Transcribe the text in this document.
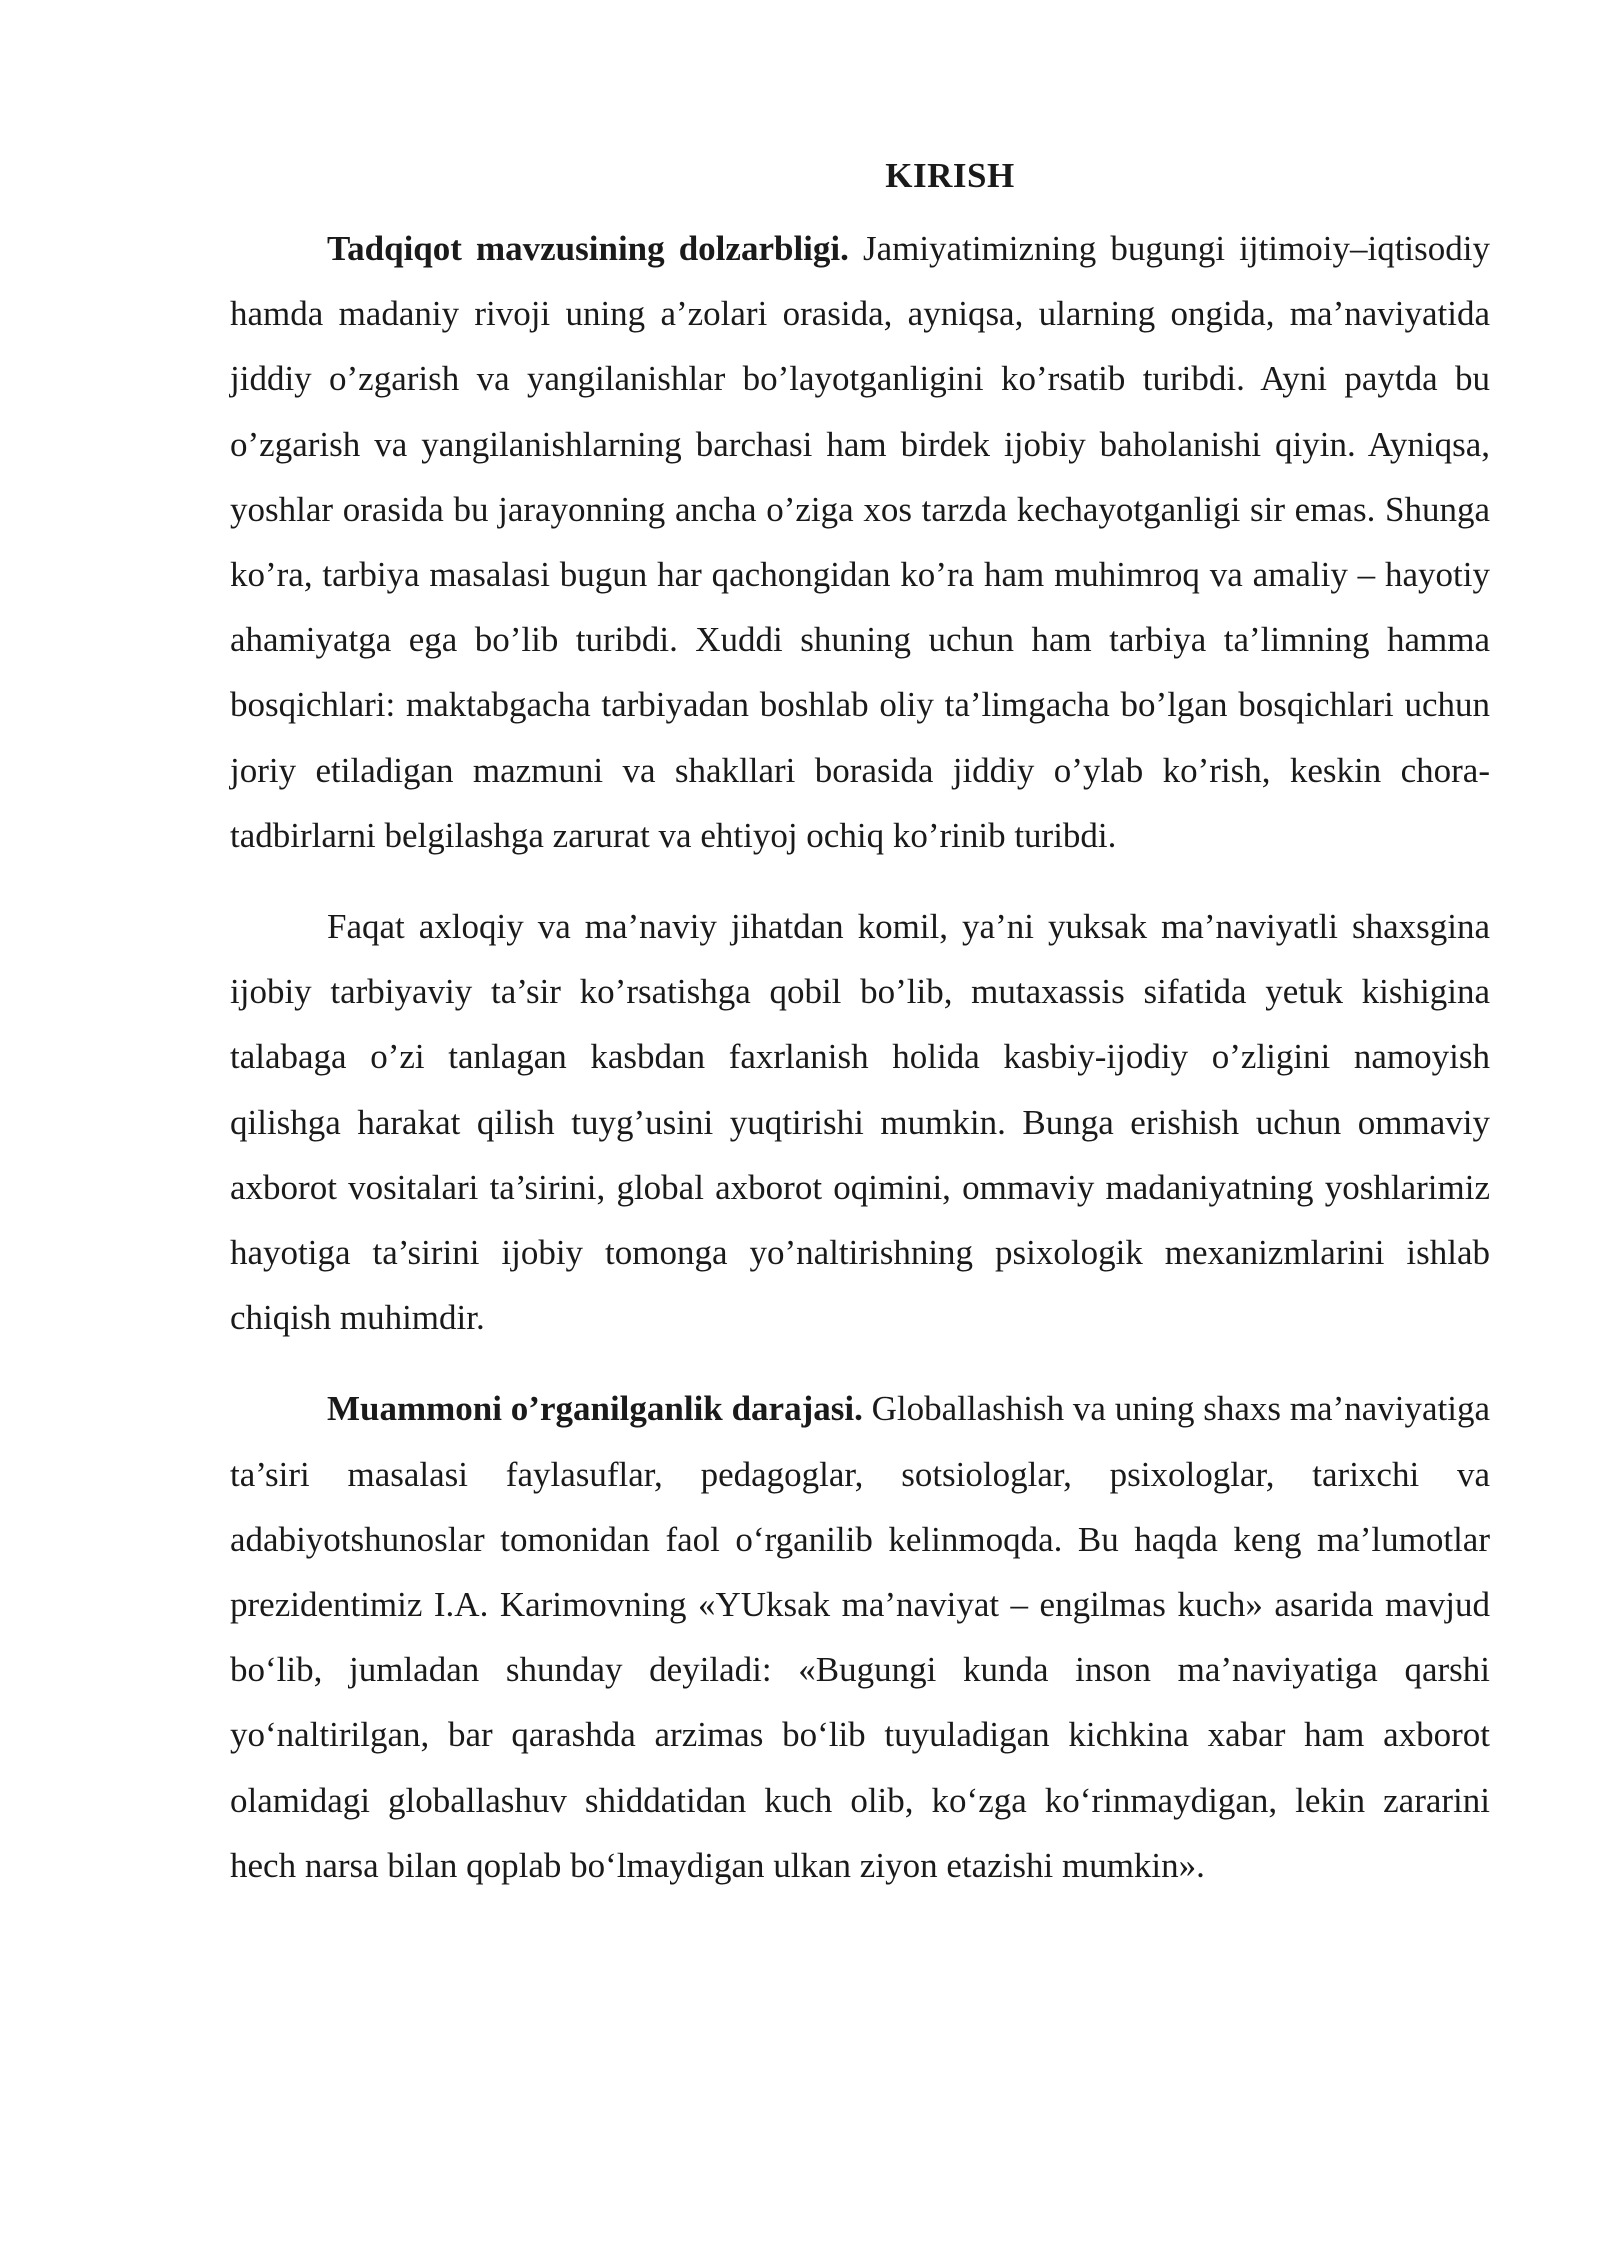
KIRISH

Tadqiqot mavzusining dolzarbligi. Jamiyatimizning bugungi ijtimoiy–iqtisodiy hamda madaniy rivoji uning a’zolari orasida, ayniqsa, ularning ongida, ma’naviyatida jiddiy o’zgarish va yangilanishlar bo’layotganligini ko’rsatib turibdi. Ayni paytda bu o’zgarish va yangilanishlarning barchasi ham birdek ijobiy baholanishi qiyin. Ayniqsa, yoshlar orasida bu jarayonning ancha o’ziga xos tarzda kechayotganligi sir emas. Shunga ko’ra, tarbiya masalasi bugun har qachongidan ko’ra ham muhimroq va amaliy – hayotiy ahamiyatga ega bo’lib turibdi. Xuddi shuning uchun ham tarbiya ta’limning hamma bosqichlari: maktabgacha tarbiyadan boshlab oliy ta’limgacha bo’lgan bosqichlari uchun joriy etiladigan mazmuni va shakllari borasida jiddiy o’ylab ko’rish, keskin chora-tadbirlarni belgilashga zarurat va ehtiyoj ochiq ko’rinib turibdi.

Faqat axloqiy va ma’naviy jihatdan komil, ya’ni yuksak ma’naviyatli shaxsgina ijobiy tarbiyaviy ta’sir ko’rsatishga qobil bo’lib, mutaxassis sifatida yetuk kishigina talabaga o’zi tanlagan kasbdan faxrlanish holida kasbiy-ijodiy o’zligini namoyish qilishga harakat qilish tuyg’usini yuqtirishi mumkin. Bunga erishish uchun ommaviy axborot vositalari ta’sirini, global axborot oqimini, ommaviy madaniyatning yoshlarimiz hayotiga ta’sirini ijobiy tomonga yo’naltirishning psixologik mexanizmlarini ishlab chiqish muhimdir.

Muammoni o’rganilganlik darajasi. Globallashish va uning shaxs ma’naviyatiga ta’siri masalasi faylasuflar, pedagoglar, sotsiologlar, psixologlar, tarixchi va adabiyotshunoslar tomonidan faol o‘rganilib kelinmoqda. Bu haqda keng ma’lumotlar prezidentimiz I.A. Karimovning «YUksak ma’naviyat – engilmas kuch» asarida mavjud bo‘lib, jumladan shunday deyiladi: «Bugungi kunda inson ma’naviyatiga qarshi yo‘naltirilgan, bar qarashda arzimas bo‘lib tuyuladigan kichkina xabar ham axborot olamidagi globallashuv shiddatidan kuch olib, ko‘zga ko‘rinmaydigan, lekin zararini hech narsa bilan qoplab bo‘lmaydigan ulkan ziyon etazishi mumkin».
